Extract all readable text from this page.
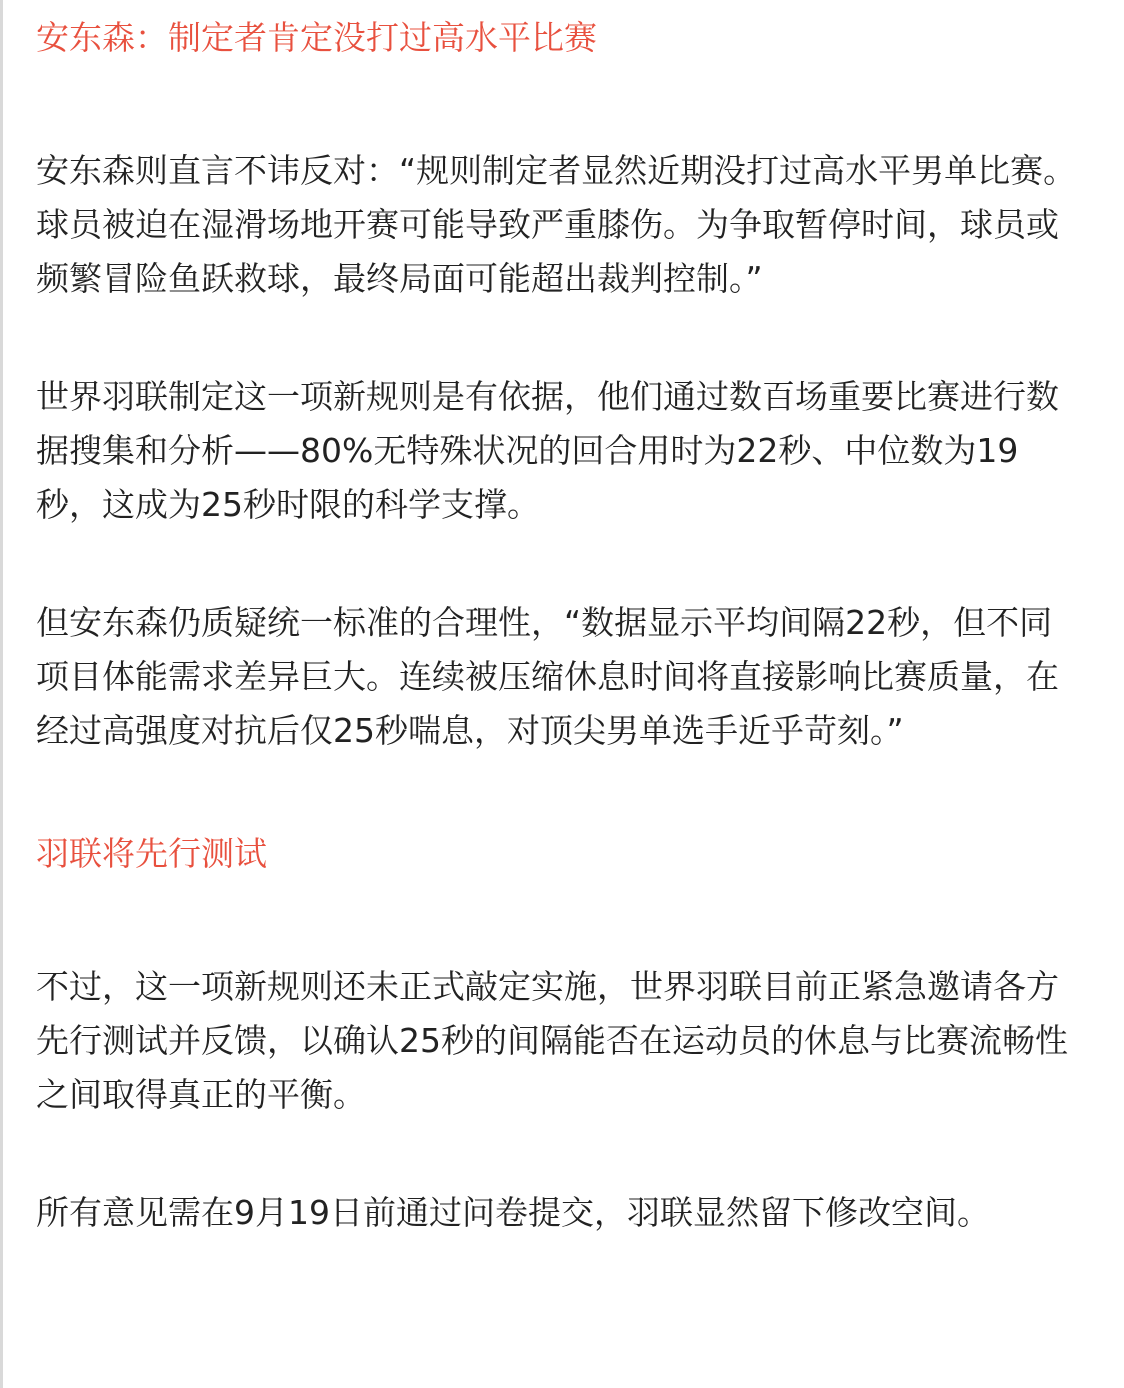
安东森：制定者肯定没打过高水平比赛

安东森则直言不讳反对：“规则制定者显然近期没打过高水平男单比赛。球员被迫在湿滑场地开赛可能导致严重膝伤。为争取暂停时间，球员或频繁冒险鱼跃救球，最终局面可能超出裁判控制。”

世界羽联制定这一项新规则是有依据，他们通过数百场重要比赛进行数据搜集和分析——80%无特殊状况的回合用时为22秒、中位数为19秒，这成为25秒时限的科学支撑。

但安东森仍质疑统一标准的合理性，“数据显示平均间隔22秒，但不同项目体能需求差异巨大。连续被压缩休息时间将直接影响比赛质量，在经过高强度对抗后仅25秒喘息，对顶尖男单选手近乎苛刻。”

羽联将先行测试

不过，这一项新规则还未正式敲定实施，世界羽联目前正紧急邀请各方先行测试并反馈，以确认25秒的间隔能否在运动员的休息与比赛流畅性之间取得真正的平衡。

所有意见需在9月19日前通过问卷提交，羽联显然留下修改空间。
